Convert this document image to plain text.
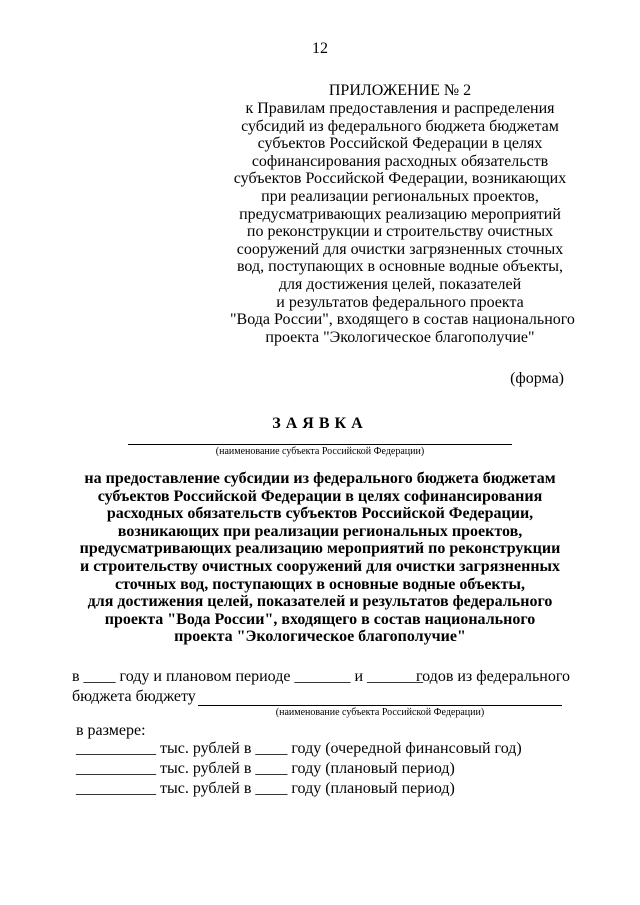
12
ПРИЛОЖЕНИЕ № 2
к Правилам предоставления и распределения
субсидий из федерального бюджета бюджетам
субъектов Российской Федерации в целях
софинансирования расходных обязательств
субъектов Российской Федерации, возникающих
при реализации региональных проектов,
предусматривающих реализацию мероприятий
по реконструкции и строительству очистных
сооружений для очистки загрязненных сточных
вод, поступающих в основные водные объекты,
для достижения целей, показателей
и результатов федерального проекта
"Вода России", входящего в состав национального
проекта "Экологическое благополучие"
(форма)
ЗАЯВКА
(наименование субъекта Российской Федерации)
на предоставление субсидии из федерального бюджета бюджетам
субъектов Российской Федерации в целях софинансирования
расходных обязательств субъектов Российской Федерации,
возникающих при реализации региональных проектов,
предусматривающих реализацию мероприятий по реконструкции
и строительству очистных сооружений для очистки загрязненных
сточных вод, поступающих в основные водные объекты,
для достижения целей, показателей и результатов федерального
проекта "Вода России", входящего в состав национального
проекта "Экологическое благополучие"
в ____ году и плановом периоде _______ и _______
годов из федерального
бюджета бюджету
(наименование субъекта Российской Федерации)
в размере:
__________ тыс. рублей в ____ году (очередной финансовый год)
__________ тыс. рублей в ____ году (плановый период)
__________ тыс. рублей в ____ году (плановый период)
